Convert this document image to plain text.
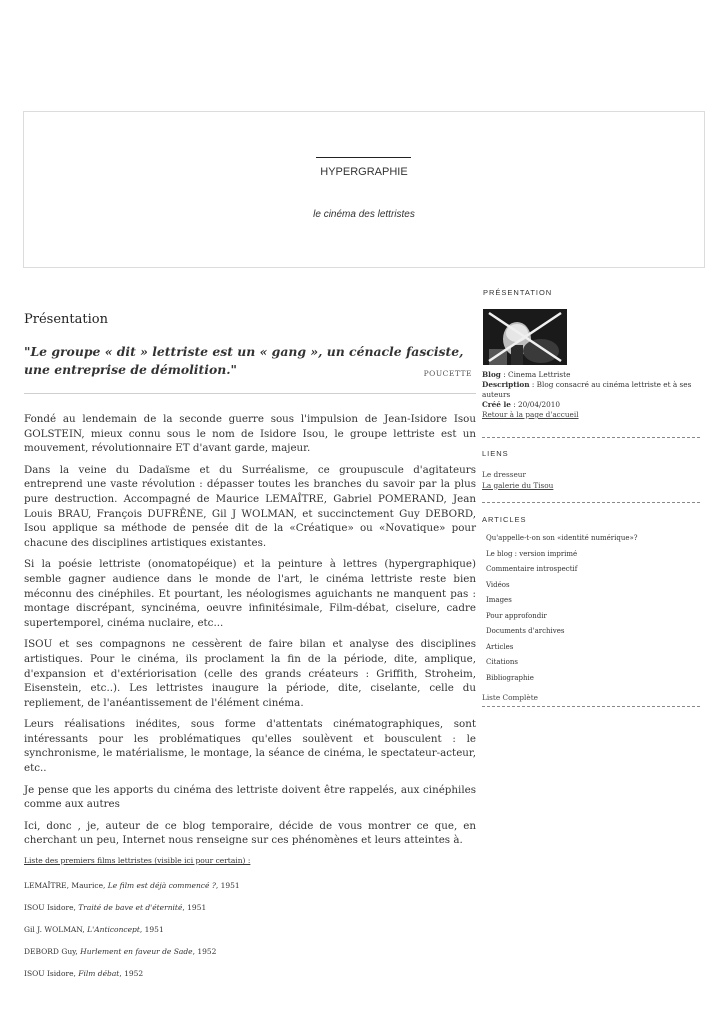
HYPERGRAPHIE
le cinéma des lettristes
Présentation
"Le groupe « dit » lettriste est un « gang », un cénacle fasciste, une entreprise de démolition."	POUCETTE

Fondé au lendemain de la seconde guerre sous l'impulsion de Jean-Isidore Isou GOLSTEIN, mieux connu sous le nom de Isidore Isou, le groupe lettriste est un mouvement, révolutionnaire ET d'avant garde, majeur.

Dans la veine du Dadaïsme et du Surréalisme, ce groupuscule d'agitateurs entreprend une vaste révolution : dépasser toutes les branches du savoir par la plus pure destruction. Accompagné de Maurice LEMAÎTRE, Gabriel POMERAND, Jean Louis BRAU, François DUFRÊNE, Gil J WOLMAN, et succinctement Guy DEBORD, Isou applique sa méthode de pensée dit de la «Créatique» ou «Novatique» pour chacune des disciplines artistiques existantes.

Si la poésie lettriste (onomatopéique) et la peinture à lettres (hypergraphique) semble gagner audience dans le monde de l'art, le cinéma lettriste reste bien méconnu des cinéphiles. Et pourtant, les néologismes aguichants ne manquent pas : montage discrépant, syncinéma, oeuvre infinitésimale, Film-débat, ciselure, cadre supertemporel, cinéma nuclaire, etc...

ISOU et ses compagnons ne cessèrent de faire bilan et analyse des disciplines artistiques. Pour le cinéma, ils proclament la fin de la période, dite, amplique, d'expansion et d'extériorisation (celle des grands créateurs : Griffith, Stroheim, Eisenstein, etc..). Les lettristes inaugure la période, dite, ciselante, celle du repliement, de l'anéantissement de l'élément cinéma.

Leurs réalisations inédites, sous forme d'attentats cinématographiques, sont intéressants pour les problématiques qu'elles soulèvent et bousculent : le synchronisme, le matérialisme, le montage, la séance de cinéma, le spectateur-acteur, etc..

Je pense que les apports du cinéma des lettriste doivent être rappelés, aux cinéphiles comme aux autres

Ici, donc , je, auteur de ce blog temporaire, décide de vous montrer ce que, en cherchant un peu, Internet nous renseigne sur ces phénomènes et leurs atteintes à.

Liste des premiers films lettristes (visible ici pour certain) :
LEMAÎTRE, Maurice, Le film est déjà commencé ?, 1951
ISOU Isidore, Traité de bave et d'éternité, 1951
Gil J. WOLMAN, L'Anticoncept, 1951
DEBORD Guy, Hurlement en faveur de Sade, 1952
ISOU Isidore, Film débat, 1952
PRÉSENTATION
Blog : Cinema Lettriste
Description : Blog consacré au cinéma lettriste et à ses auteurs
Créé le : 20/04/2010
Retour à la page d'accueil
LIENS
Le dresseur
La galerie du Tisou
ARTICLES
Qu'appelle-t-on son «identité numérique»?
Le blog : version imprimé
Commentaire introspectif
Vidéos
Images
Pour approfondir
Documents d'archives
Articles
Citations
Bibliographie
Liste Complète
